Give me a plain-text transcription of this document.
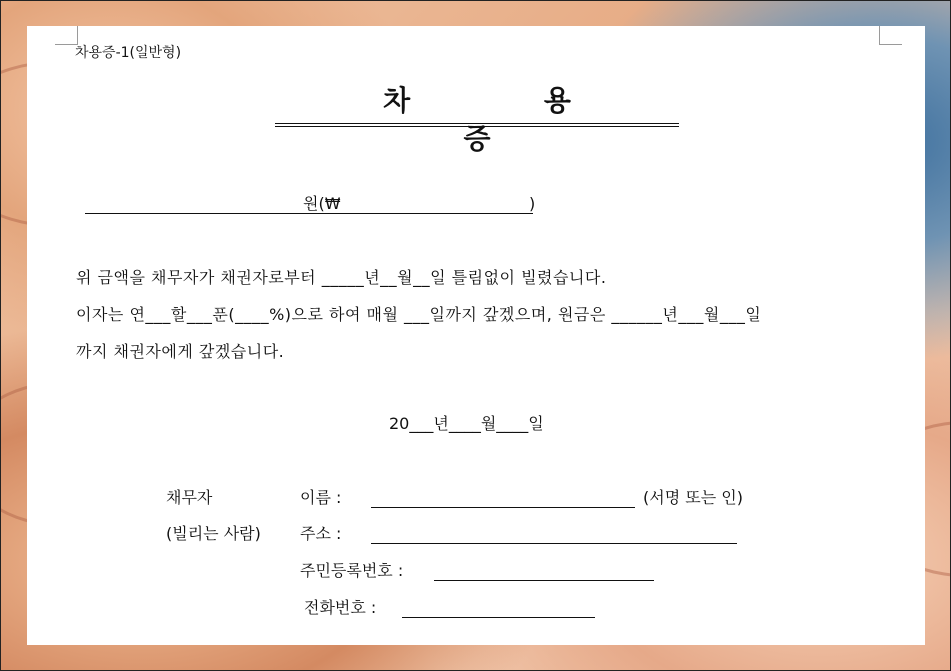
차용증-1(일반형)
차 용 증
원(₩	)
위 금액을 채무자가 채권자로부터 _____년__월__일 틀림없이 빌렸습니다.
이자는 연___할___푼(____%)으로 하여 매월 ___일까지 갚겠으며, 원금은 ______년___월___일
까지 채권자에게 갚겠습니다.
20___년____월____일
채무자
(빌리는 사람)
이름 :	(서명 또는 인)
주소 :
주민등록번호 :
전화번호 :
